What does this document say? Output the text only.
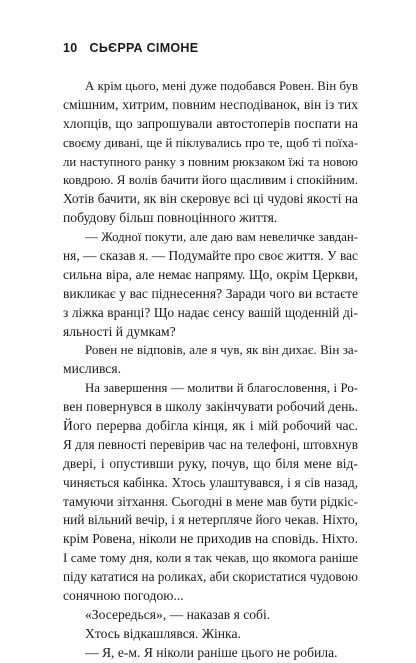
10 СЬЄРРА СІМОНЕ
А крім цього, мені дуже подобався Ровен. Він був
смішним, хитрим, повним несподіванок, він із тих
хлопців, що запрошували автостоперів поспати на
своєму дивані, ще й піклувались про те, щоб ті поїха-
ли наступного ранку з повним рюкзаком їжі та новою
ковдрою. Я волів бачити його щасливим і спокійним.
Хотів бачити, як він скеровує всі ці чудові якості на
побудову більш повноцінного життя.
— Жодної покути, але даю вам невеличке завдан-
ня, — сказав я. — Подумайте про своє життя. У вас
сильна віра, але немає напряму. Що, окрім Церкви,
викликає у вас піднесення? Заради чого ви встаєте
з ліжка вранці? Що надає сенсу вашій щоденній ді-
яльності й думкам?
Ровен не відповів, але я чув, як він дихає. Він за-
мислився.
На завершення — молитви й благословення, і Ро-
вен повернувся в школу закінчувати робочий день.
Його перерва добігла кінця, як і мій робочий час.
Я для певності перевірив час на телефоні, штовхнув
двері, і опустивши руку, почув, що біля мене від-
чиняється кабінка. Хтось улаштувався, і я сів назад,
тамуючи зітхання. Сьогодні в мене мав бути рідкіс-
ний вільний вечір, і я нетерпляче його чекав. Ніхто,
крім Ровена, ніколи не приходив на сповідь. Ніхто.
І саме тому дня, коли я так чекав, що якомога раніше
піду кататися на роликах, аби скористатися чудовою
сонячною погодою...
«Зосередься», — наказав я собі.
Хтось відкашлявся. Жінка.
— Я, е-м. Я ніколи раніше цього не робила.
